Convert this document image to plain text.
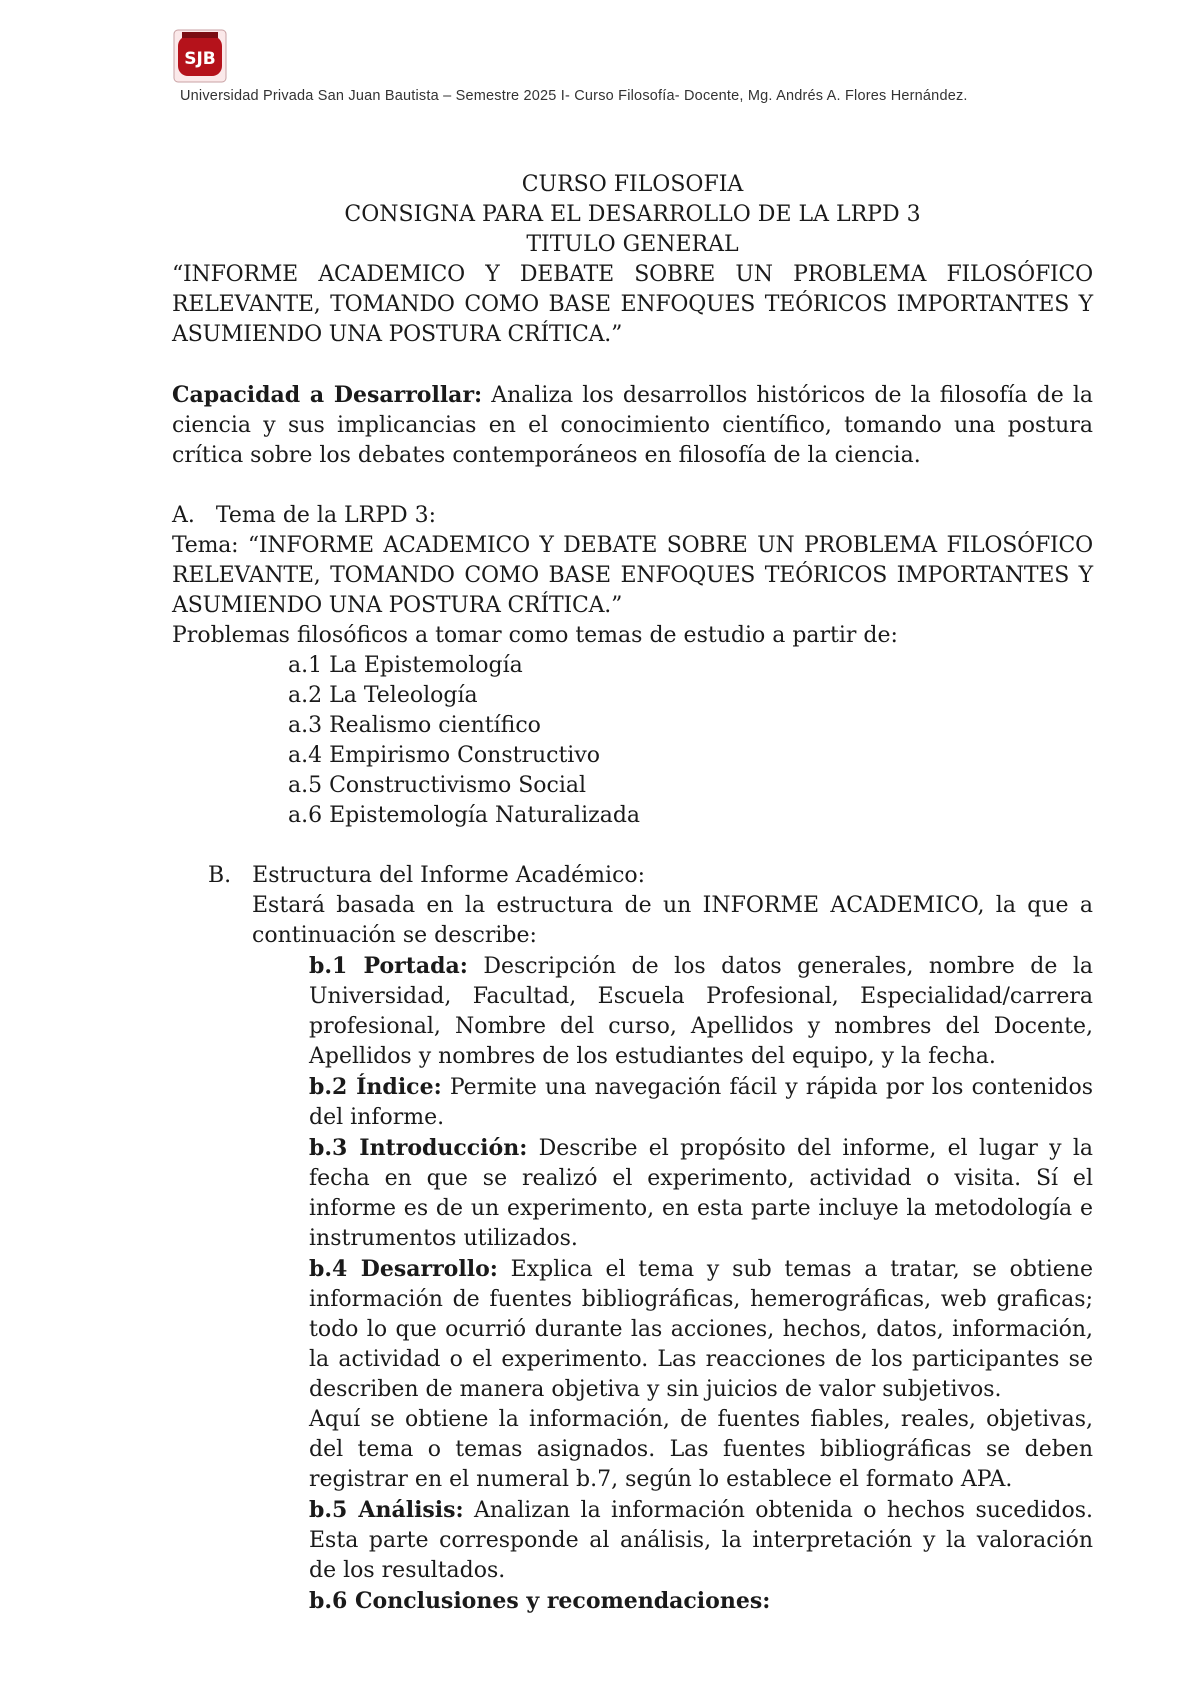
SJB
Universidad Privada San Juan Bautista – Semestre 2025 I- Curso Filosofía- Docente, Mg. Andrés A. Flores Hernández.

CURSO FILOSOFIA

CONSIGNA PARA EL DESARROLLO DE LA LRPD 3

TITULO GENERAL

“INFORME ACADEMICO Y DEBATE SOBRE UN PROBLEMA FILOSÓFICO RELEVANTE, TOMANDO COMO BASE ENFOQUES TEÓRICOS IMPORTANTES Y ASUMIENDO UNA POSTURA CRÍTICA.”

Capacidad a Desarrollar: Analiza los desarrollos históricos de la filosofía de la ciencia y sus implicancias en el conocimiento científico, tomando una postura crítica sobre los debates contemporáneos en filosofía de la ciencia.

A.   Tema de la LRPD 3:

Tema: “INFORME ACADEMICO Y DEBATE SOBRE UN PROBLEMA FILOSÓFICO RELEVANTE, TOMANDO COMO BASE ENFOQUES TEÓRICOS IMPORTANTES Y ASUMIENDO UNA POSTURA CRÍTICA.”

Problemas filosóficos a tomar como temas de estudio a partir de:

a.1 La Epistemología
a.2 La Teleología
a.3 Realismo científico
a.4 Empirismo Constructivo
a.5 Constructivismo Social
a.6 Epistemología Naturalizada

B.   Estructura del Informe Académico:

Estará basada en la estructura de un INFORME ACADEMICO, la que a continuación se describe:

b.1 Portada: Descripción de los datos generales, nombre de la Universidad, Facultad, Escuela Profesional, Especialidad/carrera profesional, Nombre del curso, Apellidos y nombres del Docente, Apellidos y nombres de los estudiantes del equipo, y la fecha.

b.2 Índice: Permite una navegación fácil y rápida por los contenidos del informe.

b.3 Introducción: Describe el propósito del informe, el lugar y la fecha en que se realizó el experimento, actividad o visita. Sí el informe es de un experimento, en esta parte incluye la metodología e instrumentos utilizados.

b.4 Desarrollo: Explica el tema y sub temas a tratar, se obtiene información de fuentes bibliográficas, hemerográficas, web graficas; todo lo que ocurrió durante las acciones, hechos, datos, información, la actividad o el experimento. Las reacciones de los participantes se describen de manera objetiva y sin juicios de valor subjetivos.

Aquí se obtiene la información, de fuentes fiables, reales, objetivas, del tema o temas asignados. Las fuentes bibliográficas se deben registrar en el numeral b.7, según lo establece el formato APA.

b.5 Análisis: Analizan la información obtenida o hechos sucedidos. Esta parte corresponde al análisis, la interpretación y la valoración de los resultados.

b.6 Conclusiones y recomendaciones:
